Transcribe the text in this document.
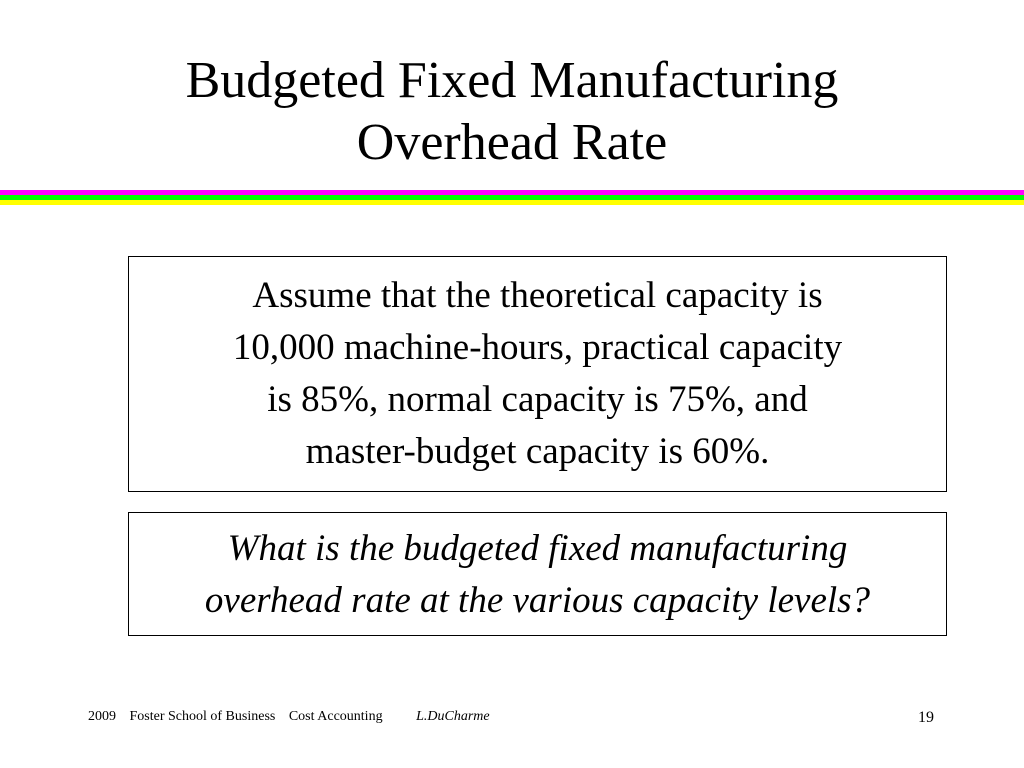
Budgeted Fixed Manufacturing
Overhead Rate
Assume that the theoretical capacity is
10,000 machine-hours, practical capacity
is 85%, normal capacity is 75%, and
master-budget capacity is 60%.
What is the budgeted fixed manufacturing
overhead rate at the various capacity levels?
2009 Foster School of Business Cost Accounting L.DuCharme	19
